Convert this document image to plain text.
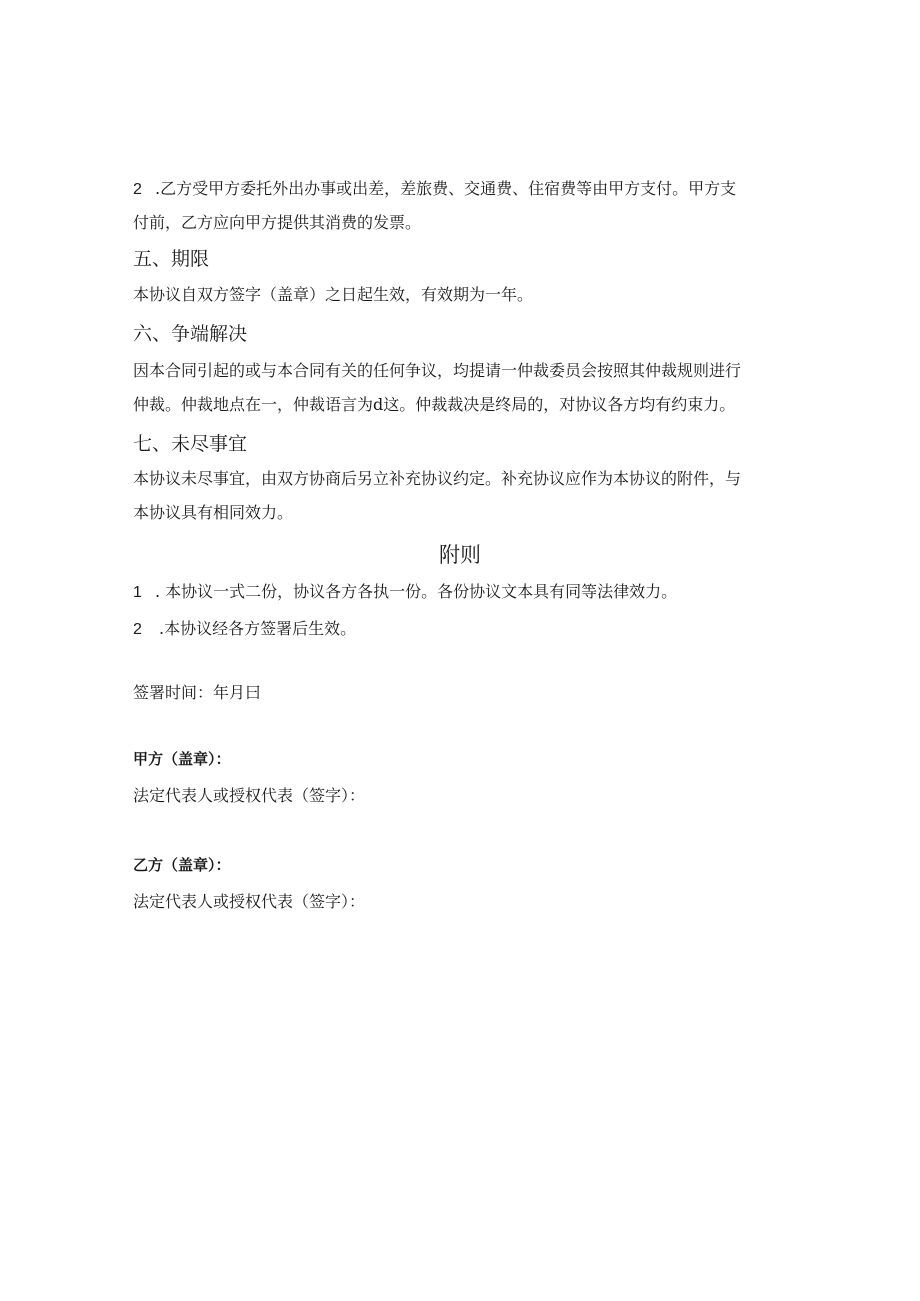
2 .乙方受甲方委托外出办事或出差，差旅费、交通费、住宿费等由甲方支付。甲方支
付前，乙方应向甲方提供其消费的发票。
五、期限
本协议自双方签字（盖章）之日起生效，有效期为一年。
六、争端解决
因本合同引起的或与本合同有关的任何争议，均提请一仲裁委员会按照其仲裁规则进行
仲裁。仲裁地点在一，仲裁语言为d这。仲裁裁决是终局的，对协议各方均有约束力。
七、未尽事宜
本协议未尽事宜，由双方协商后另立补充协议约定。补充协议应作为本协议的附件，与
本协议具有相同效力。
附则
1 . 本协议一式二份，协议各方各执一份。各份协议文本具有同等法律效力。
2 .本协议经各方签署后生效。
签署时间：年月曰
甲方（盖章）：
法定代表人或授权代表（签字）：
乙方（盖章）：
法定代表人或授权代表（签字）：
